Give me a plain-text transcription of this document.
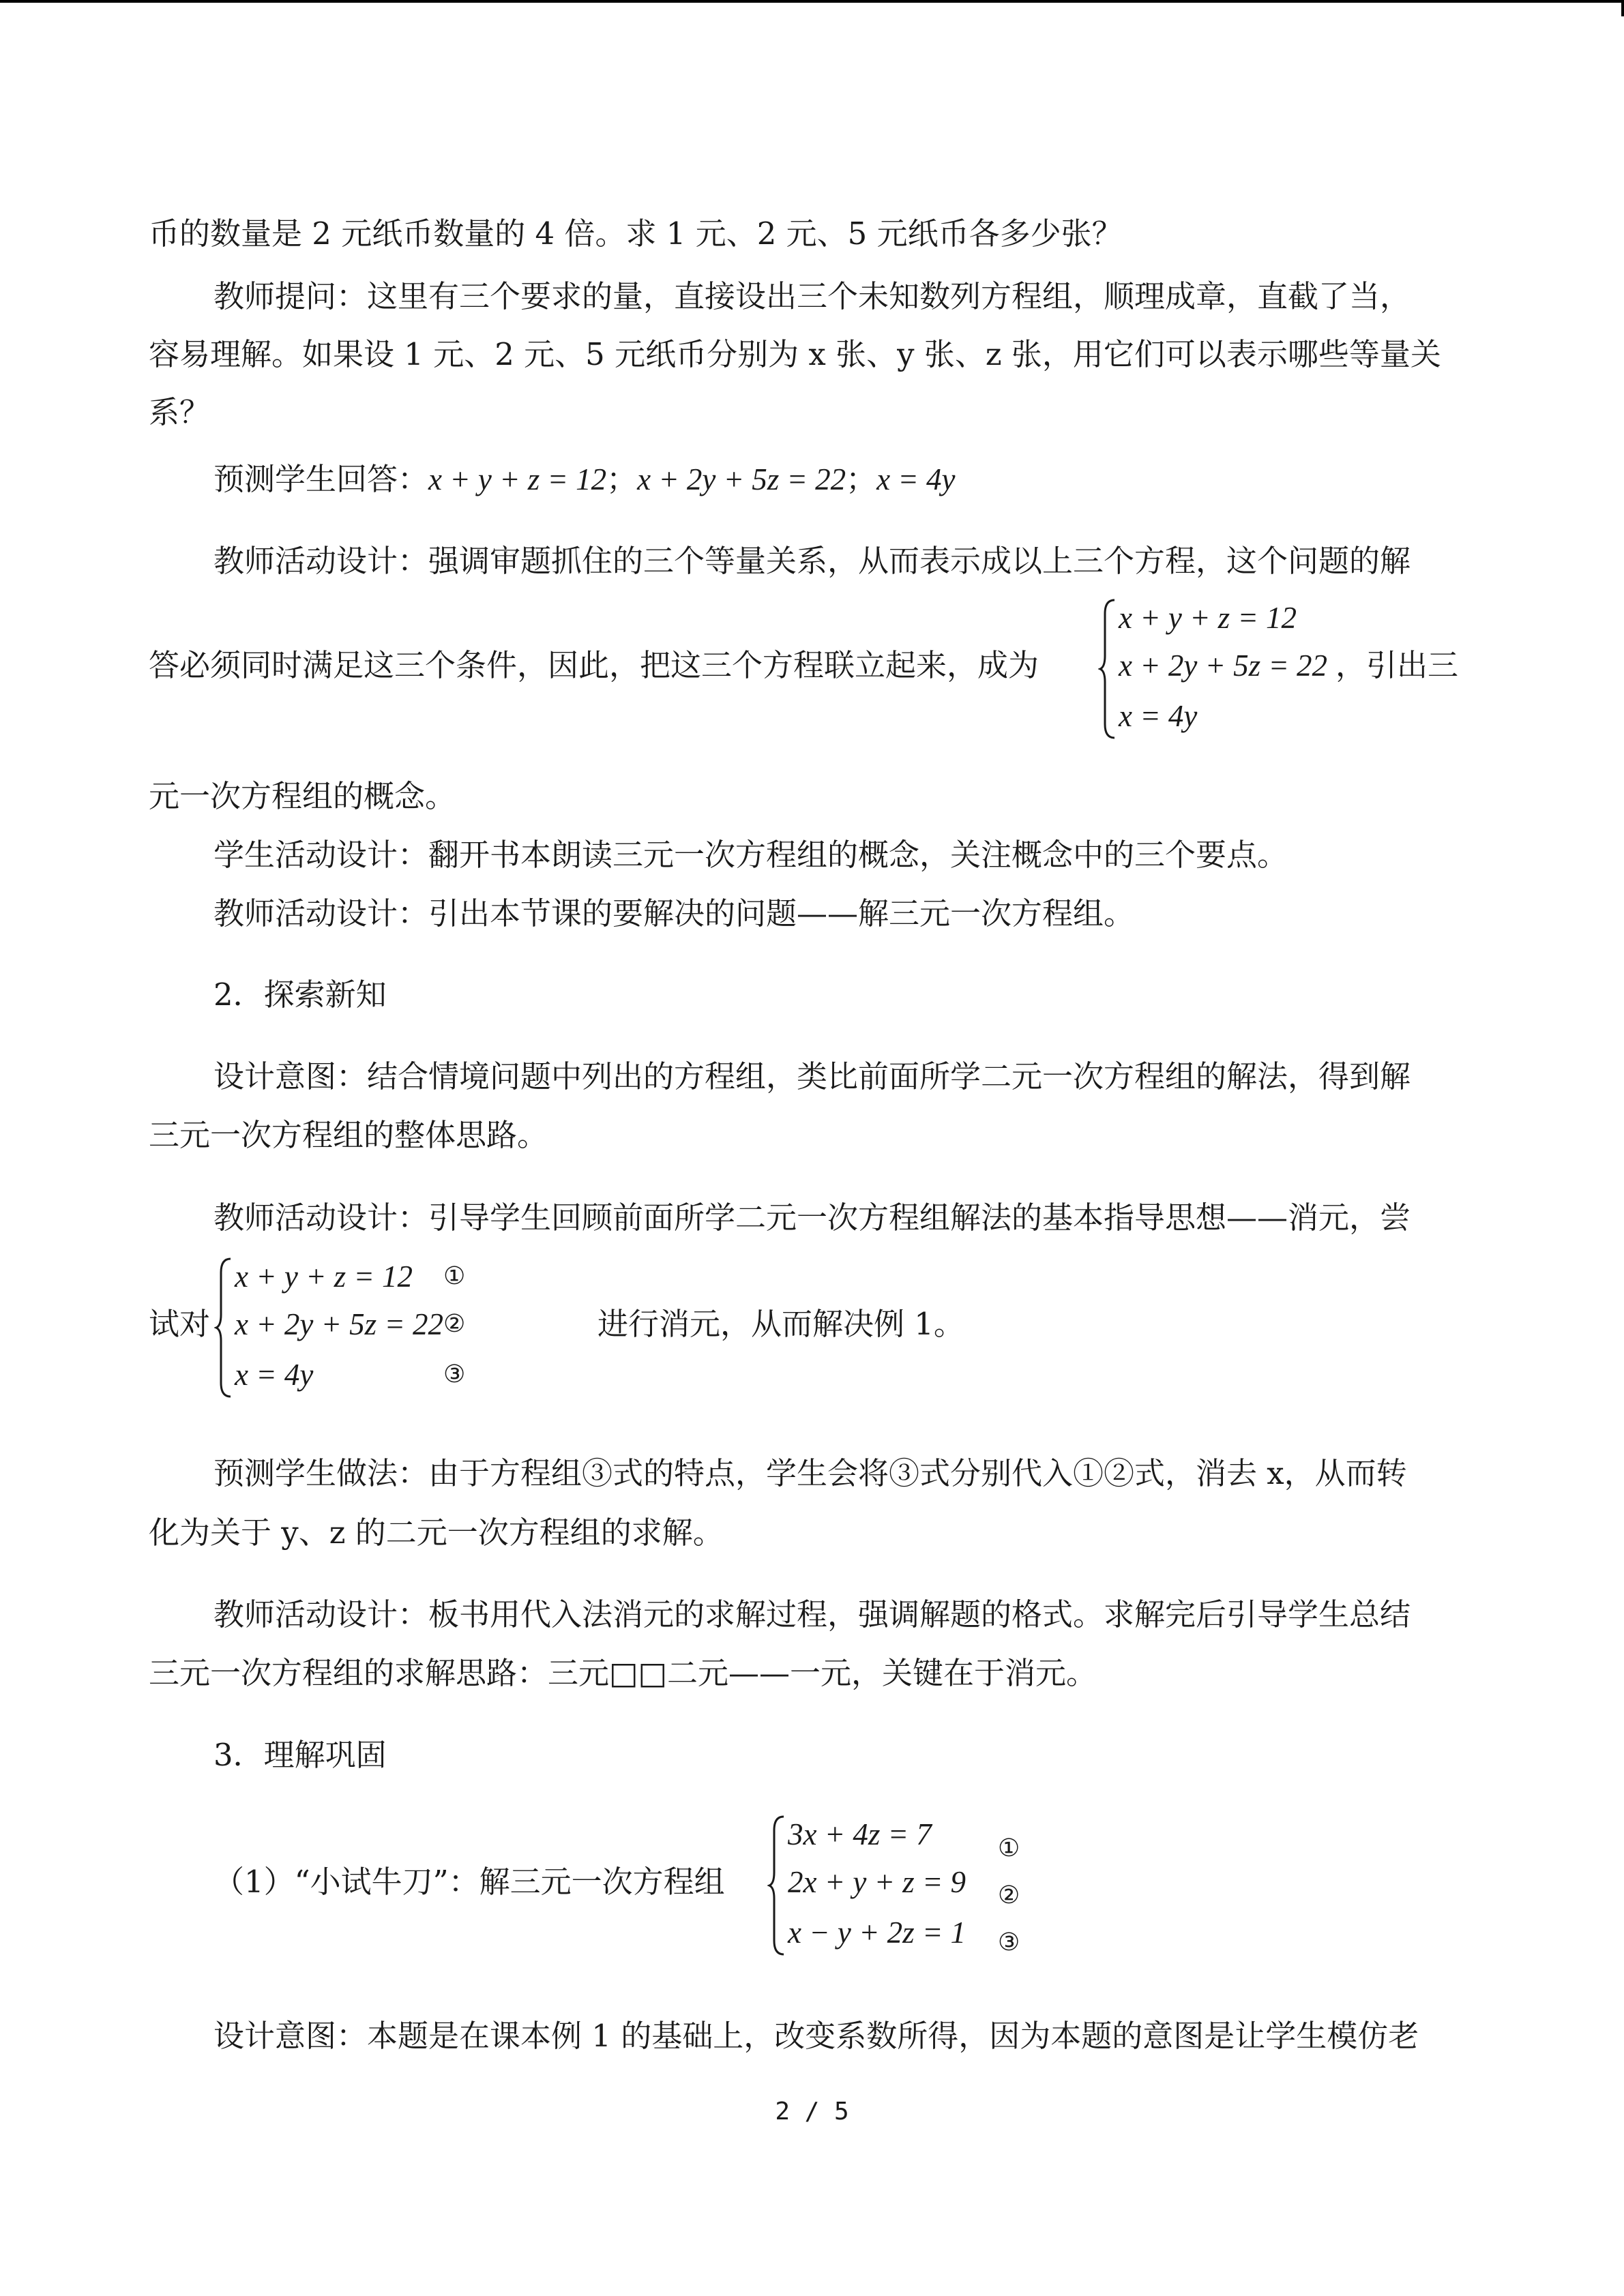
币的数量是 2 元纸币数量的 4 倍。求 1 元、2 元、5 元纸币各多少张？
教师提问：这里有三个要求的量，直接设出三个未知数列方程组，顺理成章，直截了当，
容易理解。如果设 1 元、2 元、5 元纸币分别为 x 张、y 张、z 张，用它们可以表示哪些等量关
系？
预测学生回答：x + y + z = 12；x + 2y + 5z = 22；x = 4y
教师活动设计：强调审题抓住的三个等量关系，从而表示成以上三个方程，这个问题的解
答必须同时满足这三个条件，因此，把这三个方程联立起来，成为
x + y + z = 12
x + 2y + 5z = 22
x = 4y
，引出三
元一次方程组的概念。
学生活动设计：翻开书本朗读三元一次方程组的概念，关注概念中的三个要点。
教师活动设计：引出本节课的要解决的问题——解三元一次方程组。
2．探索新知
设计意图：结合情境问题中列出的方程组，类比前面所学二元一次方程组的解法，得到解
三元一次方程组的整体思路。
教师活动设计：引导学生回顾前面所学二元一次方程组解法的基本指导思想——消元，尝
试对
x + y + z = 12
x + 2y + 5z = 22
x = 4y
①
②
③
进行消元，从而解决例 1。
预测学生做法：由于方程组③式的特点，学生会将③式分别代入①②式，消去 x，从而转
化为关于 y、z 的二元一次方程组的求解。
教师活动设计：板书用代入法消元的求解过程，强调解题的格式。求解完后引导学生总结
三元一次方程组的求解思路：三元□□二元——一元，关键在于消元。
3．理解巩固
（1）“小试牛刀”：解三元一次方程组
3x + 4z = 7
2x + y + z = 9
x − y + 2z = 1
①
②
③
设计意图：本题是在课本例 1 的基础上，改变系数所得，因为本题的意图是让学生模仿老
2 / 5
